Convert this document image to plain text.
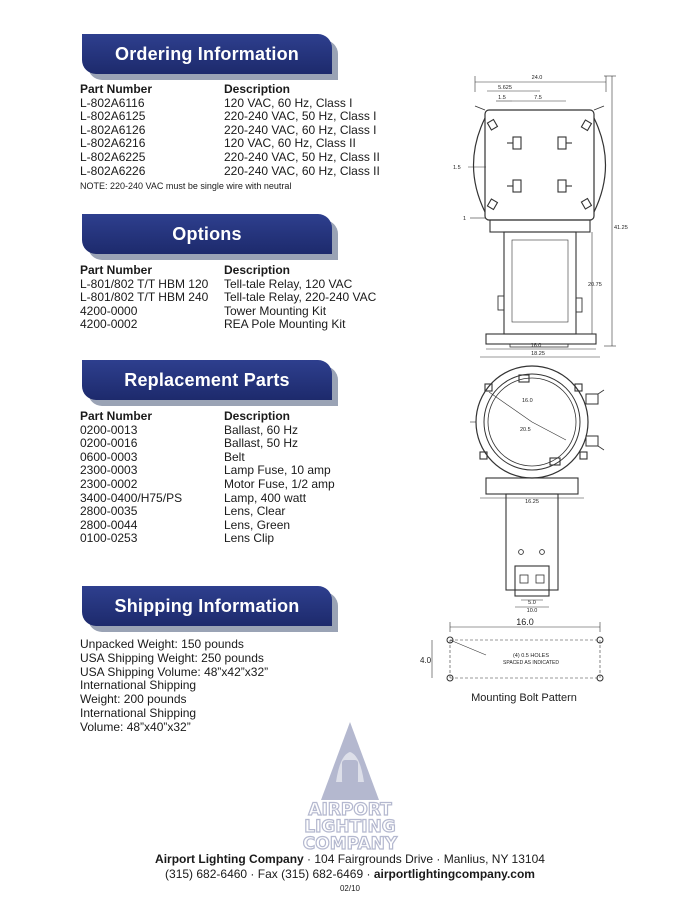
Ordering Information
Part Number	Description
L-802A6116	120 VAC, 60 Hz, Class I
L-802A6125	220-240 VAC, 50 Hz, Class I
L-802A6126	220-240 VAC, 60 Hz, Class I
L-802A6216	120 VAC, 60 Hz, Class II
L-802A6225	220-240 VAC, 50 Hz, Class II
L-802A6226	220-240 VAC, 60 Hz, Class II
NOTE: 220-240 VAC must be single wire with neutral
Options
Part Number	Description
L-801/802 T/T HBM 120	Tell-tale Relay, 120 VAC
L-801/802 T/T HBM 240	Tell-tale Relay, 220-240 VAC
4200-0000	Tower Mounting Kit
4200-0002	REA Pole Mounting Kit
Replacement Parts
Part Number	Description
0200-0013	Ballast, 60 Hz
0200-0016	Ballast, 50 Hz
0600-0003	Belt
2300-0003	Lamp Fuse, 10 amp
2300-0002	Motor Fuse, 1/2 amp
3400-0400/H75/PS	Lamp, 400 watt
2800-0035	Lens, Clear
2800-0044	Lens, Green
0100-0253	Lens Clip
Shipping Information
Unpacked Weight: 150 pounds
USA Shipping Weight: 250 pounds
USA Shipping Volume: 48”x42”x32”
International Shipping
Weight: 200 pounds
International Shipping
Volume: 48”x40”x32”
24.0
5.625
1.5	7.5
1.5
1
41.25
20.75
16.0
18.25
16.0
20.5
16.25
5.0
10.0
16.0
4.0	(4) 0.5 HOLES
SPACED AS INDICATED
Mounting Bolt Pattern
AIRPORT
LIGHTING
COMPANY
Airport Lighting Company · 104 Fairgrounds Drive · Manlius, NY 13104
(315) 682-6460 · Fax (315) 682-6469 · airportlightingcompany.com
02/10
